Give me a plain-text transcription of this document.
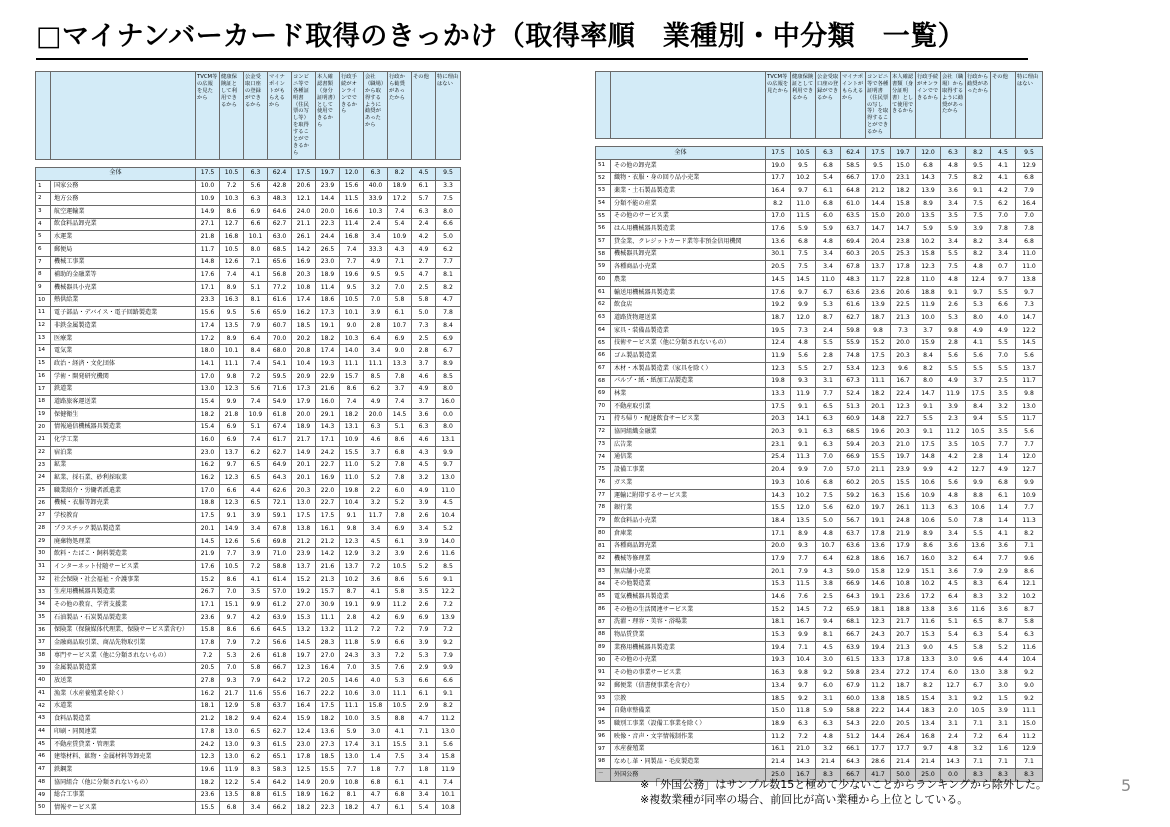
□マイナンバーカード取得のきっかけ（取得率順　業種別・中分類　一覧）
		TVCM等の広報を見たから	健康保険証として利用できるから	公金受取口座の登録ができるから	マイナポイントがもらえるから	コンビニ等で各種証明書（住民票の写し等）を取得することができるから	本人確認書類（身分証明書）として使用できるから	行政手続がオンラインでできるから	会社（職場）から取得するように勧奨があったから	行政から勧奨があったから	その他	特に理由はない

全体		17.5	10.5	6.3	62.4	17.5	19.7	12.0	6.3	8.2	4.5	9.5
1	国家公務	10.0	7.2	5.6	42.8	20.6	23.9	15.6	40.0	18.9	6.1	3.3
2	地方公務	10.9	10.3	6.3	48.3	12.1	14.4	11.5	33.9	17.2	5.7	7.5
3	航空運輸業	14.9	8.6	6.9	64.6	24.0	20.0	16.6	10.3	7.4	6.3	8.0
4	飲食料品卸売業	27.1	12.7	6.6	62.7	21.1	22.3	11.4	2.4	5.4	2.4	6.6
5	水運業	21.8	16.8	10.1	63.0	26.1	24.4	16.8	3.4	10.9	4.2	5.0
6	郵便局	11.7	10.5	8.0	68.5	14.2	26.5	7.4	33.3	4.3	4.9	6.2
7	機械工事業	14.8	12.6	7.1	65.6	16.9	23.0	7.7	4.9	7.1	2.7	7.7
8	補助的金融業等	17.6	7.4	4.1	56.8	20.3	18.9	19.6	9.5	9.5	4.7	8.1
9	機械器具小売業	17.1	8.9	5.1	77.2	10.8	11.4	9.5	3.2	7.0	2.5	8.2
10	熱供給業	23.3	16.3	8.1	61.6	17.4	18.6	10.5	7.0	5.8	5.8	4.7
11	電子部品・デバイス・電子回路製造業	15.6	9.5	5.6	65.9	16.2	17.3	10.1	3.9	6.1	5.0	7.8
12	非鉄金属製造業	17.4	13.5	7.9	60.7	18.5	19.1	9.0	2.8	10.7	7.3	8.4
13	医療業	17.2	8.9	6.4	70.0	20.2	18.2	10.3	6.4	6.9	2.5	6.9
14	電気業	18.0	10.1	8.4	68.0	20.8	17.4	14.0	3.4	9.0	2.8	6.7
15	政治・経済・文化団体	14.1	11.1	7.4	54.1	10.4	19.3	11.1	11.1	13.3	3.7	8.9
16	学術・開発研究機関	17.0	9.8	7.2	59.5	20.9	22.9	15.7	8.5	7.8	4.6	8.5
17	鉄道業	13.0	12.3	5.6	71.6	17.3	21.6	8.6	6.2	3.7	4.9	8.0
18	道路旅客運送業	15.4	9.9	7.4	54.9	17.9	16.0	7.4	4.9	7.4	3.7	16.0
19	保健衛生	18.2	21.8	10.9	61.8	20.0	29.1	18.2	20.0	14.5	3.6	0.0
20	情報通信機械器具製造業	15.4	6.9	5.1	67.4	18.9	14.3	13.1	6.3	5.1	6.3	8.0
21	化学工業	16.0	6.9	7.4	61.7	21.7	17.1	10.9	4.6	8.6	4.6	13.1
22	宿泊業	23.0	13.7	6.2	62.7	14.9	24.2	15.5	3.7	6.8	4.3	9.9
23	鉱業	16.2	9.7	6.5	64.9	20.1	22.7	11.0	5.2	7.8	4.5	9.7
24	鉱業、採石業、砂利採取業	16.2	12.3	6.5	64.3	20.1	16.9	11.0	5.2	7.8	3.2	13.0
25	職業紹介・労働者派遣業	17.0	6.6	4.4	62.6	20.3	22.0	19.8	2.2	6.0	4.9	11.0
26	機械・衣服等卸売業	18.8	12.3	6.5	72.1	13.0	22.7	10.4	3.2	5.2	3.9	4.5
27	学校教育	17.5	9.1	3.9	59.1	17.5	17.5	9.1	11.7	7.8	2.6	10.4
28	プラスチック製品製造業	20.1	14.9	3.4	67.8	13.8	16.1	9.8	3.4	6.9	3.4	5.2
29	廃棄物処理業	14.5	12.6	5.6	69.8	21.2	21.2	12.3	4.5	6.1	3.9	14.0
30	飲料・たばこ・飼料製造業	21.9	7.7	3.9	71.0	23.9	14.2	12.9	3.2	3.9	2.6	11.6
31	インターネット付随サービス業	17.6	10.5	7.2	58.8	13.7	21.6	13.7	7.2	10.5	5.2	8.5
32	社会保険・社会福祉・介護事業	15.2	8.6	4.1	61.4	15.2	21.3	10.2	3.6	8.6	5.6	9.1
33	生産用機械器具製造業	26.7	7.0	3.5	57.0	19.2	15.7	8.7	4.1	5.8	3.5	12.2
34	その他の教育、学習支援業	17.1	15.1	9.9	61.2	27.0	30.9	19.1	9.9	11.2	2.6	7.2
35	石油製品・石炭製品製造業	23.6	9.7	4.2	63.9	15.3	11.1	2.8	4.2	6.9	6.9	13.9
36	保険業（保険媒体代理業、保険サービス業含む）	15.8	8.6	6.6	64.5	13.2	13.2	11.2	7.2	7.2	7.9	7.2
37	金融商品取引業、商品先物取引業	17.8	7.9	7.2	56.6	14.5	28.3	11.8	5.9	6.6	3.9	9.2
38	専門サービス業（他に分類されないもの）	7.2	5.3	2.6	61.8	19.7	27.0	24.3	3.3	7.2	5.3	7.9
39	金属製品製造業	20.5	7.0	5.8	66.7	12.3	16.4	7.0	3.5	7.6	2.9	9.9
40	放送業	27.8	9.3	7.9	64.2	17.2	20.5	14.6	4.0	5.3	6.6	6.6
41	漁業（水産養殖業を除く）	16.2	21.7	11.6	55.6	16.7	22.2	10.6	3.0	11.1	6.1	9.1
42	水道業	18.1	12.9	5.8	63.7	16.4	17.5	11.1	15.8	10.5	2.9	8.2
43	食料品製造業	21.2	18.2	9.4	62.4	15.9	18.2	10.0	3.5	8.8	4.7	11.2
44	印刷・同関連業	17.8	13.0	6.5	62.7	12.4	13.6	5.9	3.0	4.1	7.1	13.0
45	不動産賃貸業・管理業	24.2	13.0	9.3	61.5	23.0	27.3	17.4	3.1	15.5	3.1	5.6
46	建築材料、鉱物・金属材料等卸売業	12.3	13.0	6.2	65.1	17.8	18.5	13.0	1.4	7.5	3.4	15.8
47	鉄鋼業	19.6	11.9	8.3	58.3	12.5	15.5	7.7	1.8	7.7	1.8	11.9
48	協同組合（他に分類されないもの）	18.2	12.2	5.4	64.2	14.9	20.9	10.8	6.8	6.1	4.1	7.4
49	総合工事業	23.6	13.5	8.8	61.5	18.9	16.2	8.1	4.7	6.8	3.4	10.1
50	情報サービス業	15.5	6.8	3.4	66.2	18.2	22.3	18.2	4.7	6.1	5.4	10.8
		TVCM等の広報を見たから	健康保険証として利用できるから	公金受取口座の登録ができるから	マイナポイントがもらえるから	コンビニ等で各種証明書（住民票の写し等）を取得することができるから	本人確認書類（身分証明書）として使用できるから	行政手続がオンラインでできるから	会社（職場）から取得するように勧奨があったから	行政から勧奨があったから	その他	特に理由はない

全体		17.5	10.5	6.3	62.4	17.5	19.7	12.0	6.3	8.2	4.5	9.5
51	その他の卸売業	19.0	9.5	6.8	58.5	9.5	15.0	6.8	4.8	9.5	4.1	12.9
52	織物・衣服・身の回り品小売業	17.7	10.2	5.4	66.7	17.0	23.1	14.3	7.5	8.2	4.1	6.8
53	薬業・土石製品製造業	16.4	9.7	6.1	64.8	21.2	18.2	13.9	3.6	9.1	4.2	7.9
54	分類不能の産業	8.2	11.0	6.8	61.0	14.4	15.8	8.9	3.4	7.5	6.2	16.4
55	その他のサービス業	17.0	11.5	6.0	63.5	15.0	20.0	13.5	3.5	7.5	7.0	7.0
56	はん用機械器具製造業	17.6	5.9	5.9	63.7	14.7	14.7	5.9	5.9	3.9	7.8	7.8
57	貸金業、クレジットカード業等非預金信用機関	13.6	6.8	4.8	69.4	20.4	23.8	10.2	3.4	8.2	3.4	6.8
58	機械器具卸売業	30.1	7.5	3.4	60.3	20.5	25.3	15.8	5.5	8.2	3.4	11.0
59	各種商品小売業	20.5	7.5	3.4	67.8	13.7	17.8	12.3	7.5	4.8	0.7	11.0
60	農業	14.5	14.5	11.0	48.3	11.7	22.8	11.0	4.8	12.4	9.7	13.8
61	輸送用機械器具製造業	17.6	9.7	6.7	63.6	23.6	20.6	18.8	9.1	9.7	5.5	9.7
62	飲食店	19.2	9.9	5.3	61.6	13.9	22.5	11.9	2.6	5.3	6.6	7.3
63	道路貨物運送業	18.7	12.0	8.7	62.7	18.7	21.3	10.0	5.3	8.0	4.0	14.7
64	家具・装備品製造業	19.5	7.3	2.4	59.8	9.8	7.3	3.7	9.8	4.9	4.9	12.2
65	技術サービス業（他に分類されないもの）	12.4	4.8	5.5	55.9	15.2	20.0	15.9	2.8	4.1	5.5	14.5
66	ゴム製品製造業	11.9	5.6	2.8	74.8	17.5	20.3	8.4	5.6	5.6	7.0	5.6
67	木材・木製品製造業（家具を除く）	12.3	5.5	2.7	53.4	12.3	9.6	8.2	5.5	5.5	5.5	13.7
68	パルプ・紙・紙加工品製造業	19.8	9.3	3.1	67.3	11.1	16.7	8.0	4.9	3.7	2.5	11.7
69	林業	13.3	11.9	7.7	52.4	18.2	22.4	14.7	11.9	17.5	3.5	9.8
70	不動産取引業	17.5	9.1	6.5	51.3	20.1	12.3	9.1	3.9	8.4	3.2	13.0
71	持ち帰り・配達飲食サービス業	20.3	14.1	6.3	60.9	14.8	22.7	5.5	2.3	9.4	5.5	11.7
72	協同組織金融業	20.3	9.1	6.3	68.5	19.6	20.3	9.1	11.2	10.5	3.5	5.6
73	広告業	23.1	9.1	6.3	59.4	20.3	21.0	17.5	3.5	10.5	7.7	7.7
74	通信業	25.4	11.3	7.0	66.9	15.5	19.7	14.8	4.2	2.8	1.4	12.0
75	設備工事業	20.4	9.9	7.0	57.0	21.1	23.9	9.9	4.2	12.7	4.9	12.7
76	ガス業	19.3	10.6	6.8	60.2	20.5	15.5	10.6	5.6	9.9	6.8	9.9
77	運輸に附帯するサービス業	14.3	10.2	7.5	59.2	16.3	15.6	10.9	4.8	8.8	6.1	10.9
78	銀行業	15.5	12.0	5.6	62.0	19.7	26.1	11.3	6.3	10.6	1.4	7.7
79	飲食料品小売業	18.4	13.5	5.0	56.7	19.1	24.8	10.6	5.0	7.8	1.4	11.3
80	倉庫業	17.1	8.9	4.8	63.7	17.8	21.9	8.9	3.4	5.5	4.1	8.2
81	各種商品卸売業	20.0	9.3	10.7	63.6	13.6	17.9	8.6	3.6	13.6	3.6	7.1
82	機械等修理業	17.9	7.7	6.4	62.8	18.6	16.7	16.0	3.2	6.4	7.7	9.6
83	無店舗小売業	20.1	7.9	4.3	59.0	15.8	12.9	15.1	3.6	7.9	2.9	8.6
84	その他製造業	15.3	11.5	3.8	66.9	14.6	10.8	10.2	4.5	8.3	6.4	12.1
85	電気機械器具製造業	14.6	7.6	2.5	64.3	19.1	23.6	17.2	6.4	8.3	3.2	10.2
86	その他の生活関連サービス業	15.2	14.5	7.2	65.9	18.1	18.8	13.8	3.6	11.6	3.6	8.7
87	洗濯・理容・美容・浴場業	18.1	16.7	9.4	68.1	12.3	21.7	11.6	5.1	6.5	8.7	5.8
88	物品賃貸業	15.3	9.9	8.1	66.7	24.3	20.7	15.3	5.4	6.3	5.4	6.3
89	業務用機械器具製造業	19.4	7.1	4.5	63.9	19.4	21.3	9.0	4.5	5.8	5.2	11.6
90	その他の小売業	19.3	10.4	3.0	61.5	13.3	17.8	13.3	3.0	9.6	4.4	10.4
91	その他の事業サービス業	16.3	9.8	9.2	59.8	23.4	27.2	17.4	6.0	13.0	3.8	9.2
92	郵便業（信書便事業を含む）	13.4	9.7	6.0	67.9	11.2	18.7	8.2	12.7	6.7	3.0	9.0
93	宗教	18.5	9.2	3.1	60.0	13.8	18.5	15.4	3.1	9.2	1.5	9.2
94	自動車整備業	15.0	11.8	5.9	58.8	22.2	14.4	18.3	2.0	10.5	3.9	11.1
95	職別工事業（設備工事業を除く）	18.9	6.3	6.3	54.3	22.0	20.5	13.4	3.1	7.1	3.1	15.0
96	映像・音声・文字情報制作業	11.2	7.2	4.8	51.2	14.4	26.4	16.8	2.4	7.2	6.4	11.2
97	水産養殖業	16.1	21.0	3.2	66.1	17.7	17.7	9.7	4.8	3.2	1.6	12.9
98	なめし革・同製品・毛皮製造業	21.4	14.3	21.4	64.3	28.6	21.4	21.4	14.3	7.1	7.1	7.1
－	外国公務	25.0	16.7	8.3	66.7	41.7	50.0	25.0	0.0	8.3	8.3	8.3
※「外国公務」はサンプル数15と極めて少ないことからランキングから除外した。
※複数業種が同率の場合、前回比が高い業種から上位としている。
5
